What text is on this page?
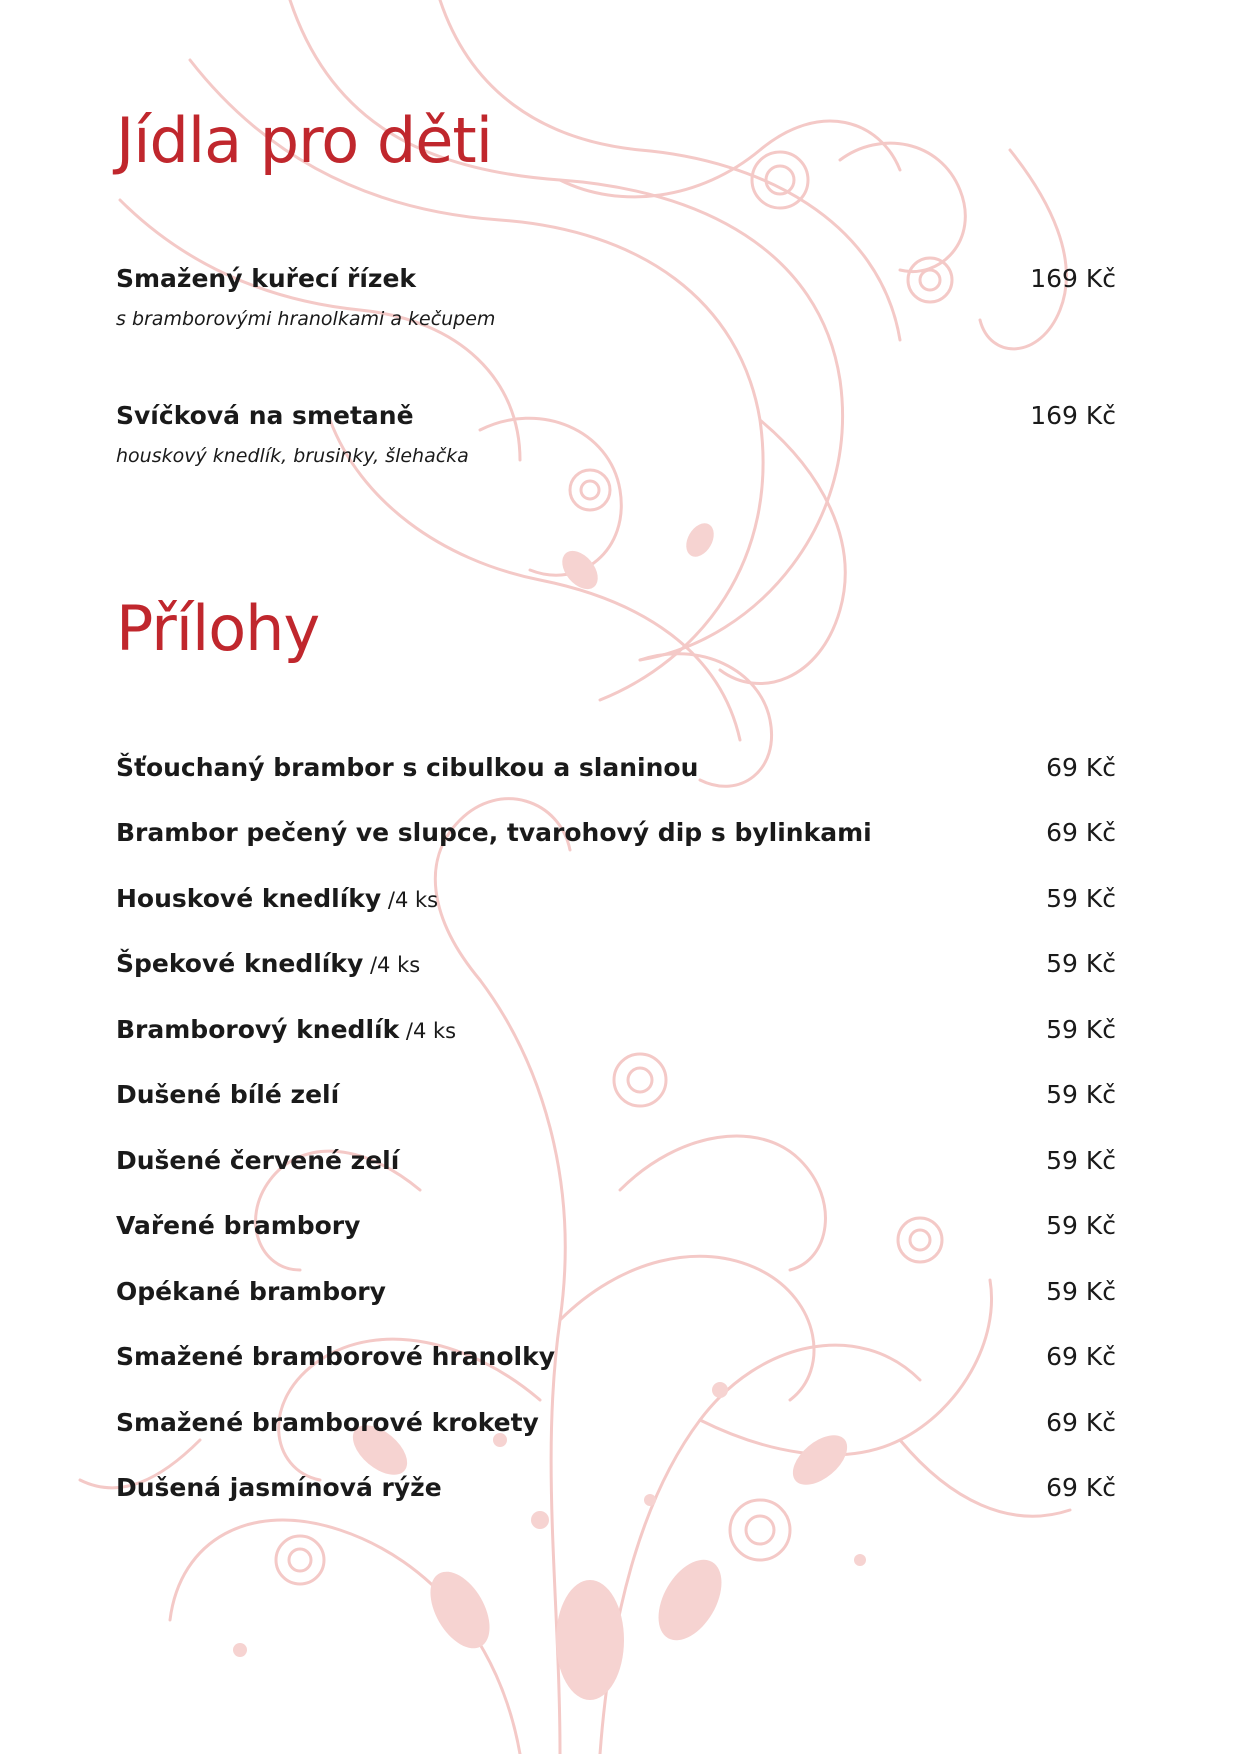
Jídla pro děti
Smažený kuřecí řízek	169 Kč
s bramborovými hranolkami a kečupem
Svíčková na smetaně	169 Kč
houskový knedlík, brusinky, šlehačka
Přílohy
Šťouchaný brambor s cibulkou a slaninou	69 Kč
Brambor pečený ve slupce, tvarohový dip s bylinkami	69 Kč
Houskové knedlíky /4 ks	59 Kč
Špekové knedlíky /4 ks	59 Kč
Bramborový knedlík /4 ks	59 Kč
Dušené bílé zelí	59 Kč
Dušené červené zelí	59 Kč
Vařené brambory	59 Kč
Opékané brambory	59 Kč
Smažené bramborové hranolky	69 Kč
Smažené bramborové krokety	69 Kč
Dušená jasmínová rýže	69 Kč
